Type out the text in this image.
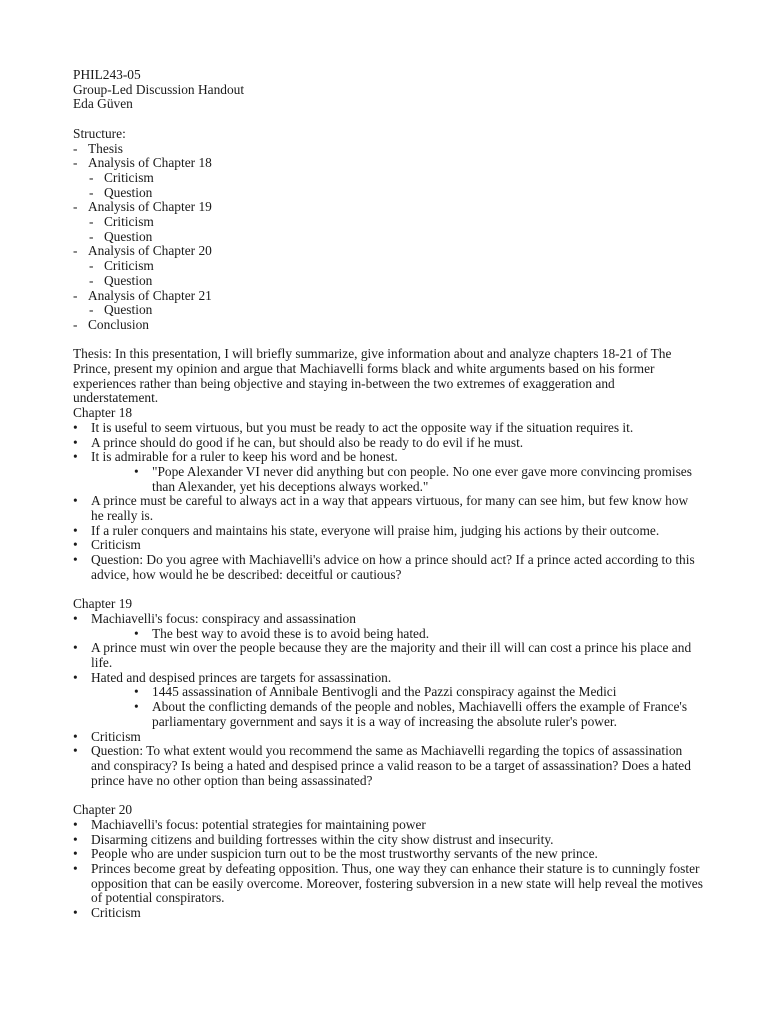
PHIL243-05

Group-Led Discussion Handout

Eda Güven

Structure:

- Thesis
- Analysis of Chapter 18
- Criticism
- Question
- Analysis of Chapter 19
- Criticism
- Question
- Analysis of Chapter 20
- Criticism
- Question
- Analysis of Chapter 21
- Question
- Conclusion

Thesis: In this presentation, I will briefly summarize, give information about and analyze chapters 18-21 of The Prince, present my opinion and argue that Machiavelli forms black and white arguments based on his former experiences rather than being objective and staying in-between the two extremes of exaggeration and understatement.

Chapter 18

• It is useful to seem virtuous, but you must be ready to act the opposite way if the situation requires it.
• A prince should do good if he can, but should also be ready to do evil if he must.
• It is admirable for a ruler to keep his word and be honest.
• "Pope Alexander VI never did anything but con people. No one ever gave more convincing promises than Alexander, yet his deceptions always worked."
• A prince must be careful to always act in a way that appears virtuous, for many can see him, but few know how he really is.
• If a ruler conquers and maintains his state, everyone will praise him, judging his actions by their outcome.
• Criticism
• Question: Do you agree with Machiavelli's advice on how a prince should act? If a prince acted according to this advice, how would he be described: deceitful or cautious?

Chapter 19

• Machiavelli's focus: conspiracy and assassination
• The best way to avoid these is to avoid being hated.
• A prince must win over the people because they are the majority and their ill will can cost a prince his place and life.
• Hated and despised princes are targets for assassination.
• 1445 assassination of Annibale Bentivogli and the Pazzi conspiracy against the Medici
• About the conflicting demands of the people and nobles, Machiavelli offers the example of France's parliamentary government and says it is a way of increasing the absolute ruler's power.
• Criticism
• Question: To what extent would you recommend the same as Machiavelli regarding the topics of assassination and conspiracy? Is being a hated and despised prince a valid reason to be a target of assassination? Does a hated prince have no other option than being assassinated?

Chapter 20

• Machiavelli's focus: potential strategies for maintaining power
• Disarming citizens and building fortresses within the city show distrust and insecurity.
• People who are under suspicion turn out to be the most trustworthy servants of the new prince.
• Princes become great by defeating opposition. Thus, one way they can enhance their stature is to cunningly foster opposition that can be easily overcome. Moreover, fostering subversion in a new state will help reveal the motives of potential conspirators.
• Criticism
